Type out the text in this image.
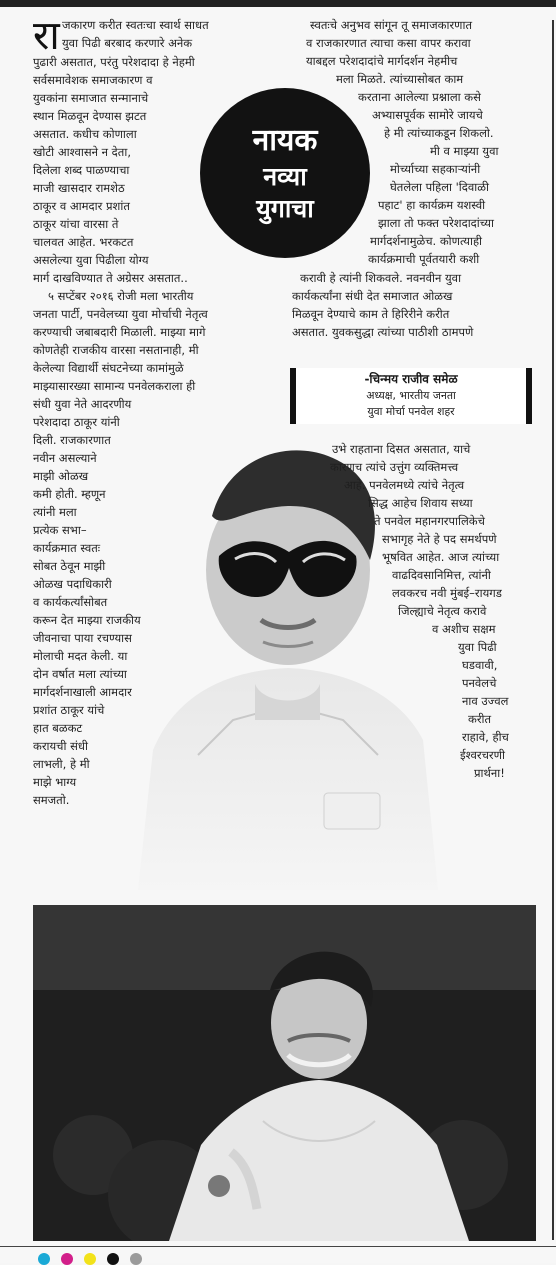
रा जकारण करीत स्वतःचा स्वार्थ साधत
युवा पिढी बरबाद करणारे अनेक
पुढारी असतात, परंतु परेशदादा हे नेहमी
सर्वसमावेशक समाजकारण व
युवकांना समाजात सन्मानाचे
स्थान मिळवून देण्यास झटत
असतात. कधीच कोणाला
खोटी आश्वासने न देता,
दिलेला शब्द पाळण्याचा
माजी खासदार रामशेठ
ठाकूर व आमदार प्रशांत
ठाकूर यांचा वारसा ते
चालवत आहेत. भरकटत
असलेल्या युवा पिढीला योग्य
मार्ग दाखविण्यात ते अग्रेसर असतात..
५ सप्टेंबर २०१६ रोजी मला भारतीय
जनता पार्टी, पनवेलच्या युवा मोर्चाची नेतृत्व
करण्याची जबाबदारी मिळाली. माझ्या मागे
कोणतेही राजकीय वारसा नसतानाही, मी
केलेल्या विद्यार्थी संघटनेच्या कामांमुळे
माझ्यासारख्या सामान्य पनवेलकराला ही
संधी युवा नेते आदरणीय
परेशदादा ठाकूर यांनी
दिली. राजकारणात
नवीन असल्याने
माझी ओळख
कमी होती. म्हणून
त्यांनी मला
प्रत्येक सभा–
कार्यक्रमात स्वतः
सोबत ठेवून माझी
ओळख पदाधिकारी
व कार्यकर्त्यांसोबत
करून देत माझ्या राजकीय
जीवनाचा पाया रचण्यास
मोलाची मदत केली. या
दोन वर्षात मला त्यांच्या
मार्गदर्शनाखाली आमदार
प्रशांत ठाकूर यांचे
हात बळकट
करायची संधी
लाभली, हे मी
माझे भाग्य
समजतो.
नायक
नव्या
युगाचा
स्वतःचे अनुभव सांगून तू समाजकारणात
व राजकारणात त्याचा कसा वापर करावा
याबद्दल परेशदादांचे मार्गदर्शन नेहमीच
मला मिळते. त्यांच्यासोबत काम
करताना आलेल्या प्रश्नाला कसे
अभ्यासपूर्वक सामोरे जायचे
हे मी त्यांच्याकडून शिकलो.
मी व माझ्या युवा
मोर्च्याच्या सहकाऱ्यांनी
घेतलेला पहिला 'दिवाळी
पहाट' हा कार्यक्रम यशस्वी
झाला तो फक्त परेशदादांच्या
मार्गदर्शनामुळेच. कोणत्याही
कार्यक्रमाची पूर्वतयारी कशी
करावी हे त्यांनी शिकवले. नवनवीन युवा
कार्यकर्त्यांना संधी देत समाजात ओळख
मिळवून देण्याचे काम ते हिरिरीने करीत
असतात. युवकसुद्धा त्यांच्या पाठीशी ठामपणे
-चिन्मय राजीव समेळ
अध्यक्ष, भारतीय जनता
युवा मोर्चा पनवेल शहर
उभे राहताना दिसत असतात, याचे
कारणच त्यांचे उत्तुंग व्यक्तिमत्त्व
आहे. पनवेलमध्ये त्यांचे नेतृत्व
सिद्ध आहेच शिवाय सध्या
ते पनवेल महानगरपालिकेचे
सभागृह नेते हे पद समर्थपणे
भूषवित आहेत. आज त्यांच्या
वाढदिवसानिमित्त, त्यांनी
लवकरच नवी मुंबई–रायगड
जिल्ह्याचे नेतृत्व करावे
व अशीच सक्षम
युवा पिढी
घडवावी,
पनवेलचे
नाव उज्वल
करीत
राहावे, हीच
ईश्वरचरणी
प्रार्थना!
